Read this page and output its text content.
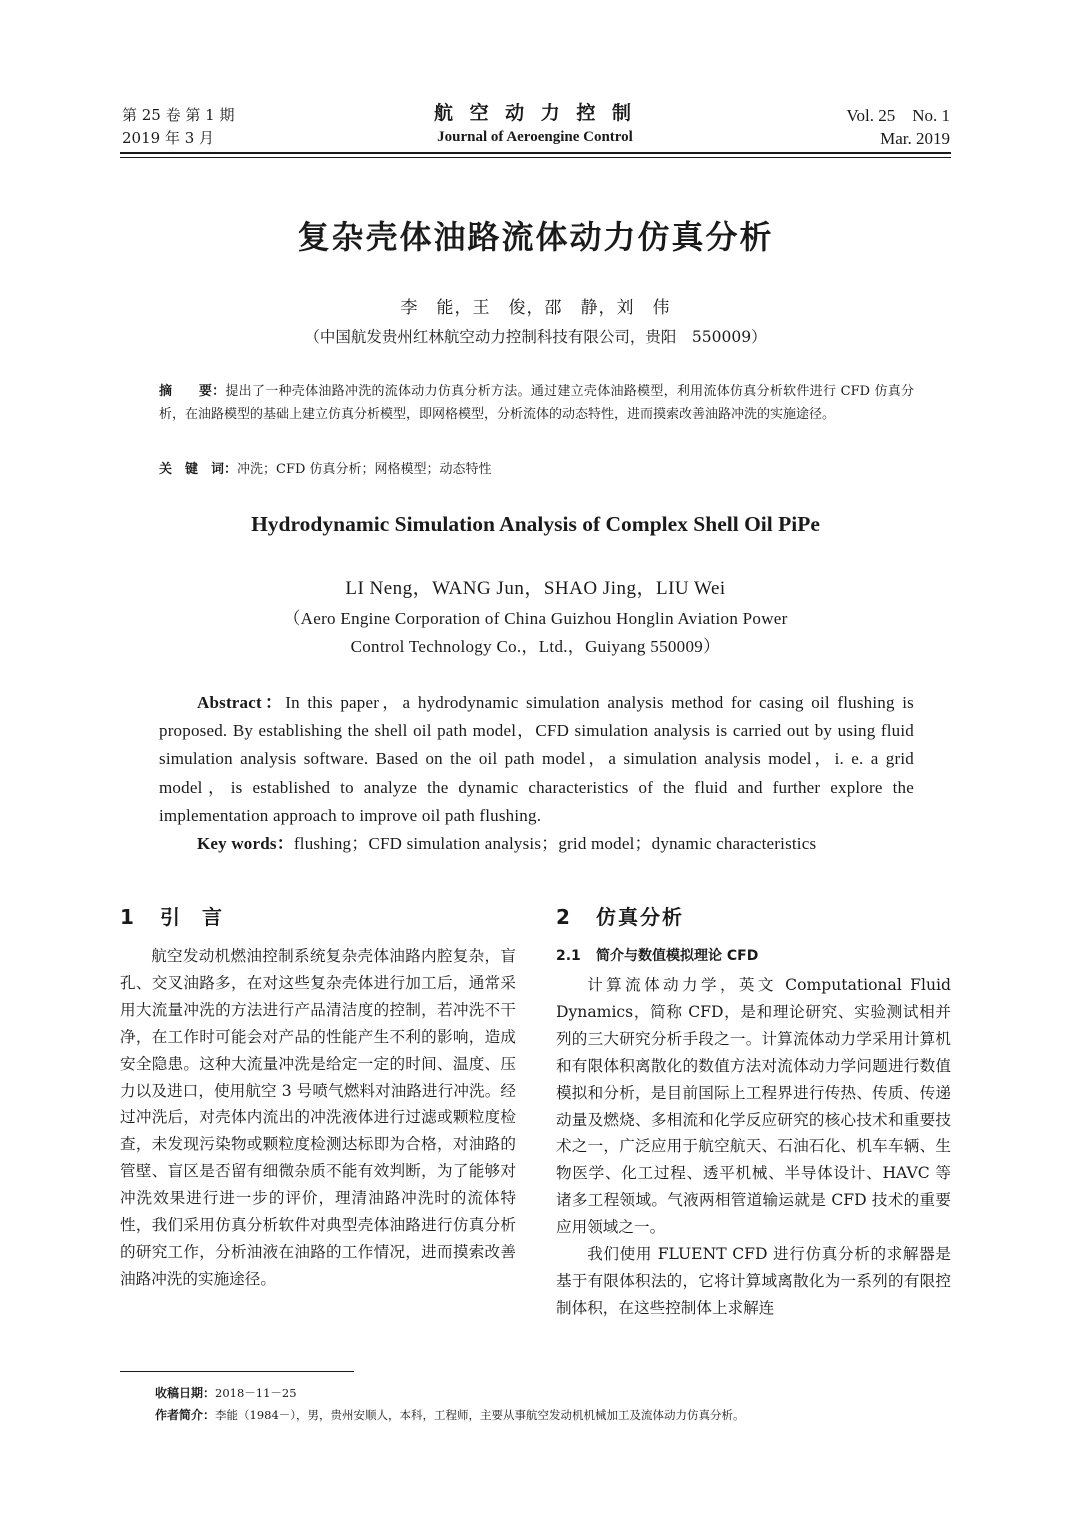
第 25 卷 第 1 期
2019 年 3 月
航 空 动 力 控 制
Journal of Aeroengine Control
Vol. 25    No. 1
Mar. 2019
复杂壳体油路流体动力仿真分析
李　能，王　俊，邵　静，刘　伟
（中国航发贵州红林航空动力控制科技有限公司，贵阳　550009）
摘　　要：提出了一种壳体油路冲洗的流体动力仿真分析方法。通过建立壳体油路模型，利用流体仿真分析软件进行 CFD 仿真分析，在油路模型的基础上建立仿真分析模型，即网格模型，分析流体的动态特性，进而摸索改善油路冲洗的实施途径。
关　键　词：冲洗；CFD 仿真分析；网格模型；动态特性
Hydrodynamic Simulation Analysis of Complex Shell Oil PiPe
LI Neng，WANG Jun，SHAO Jing，LIU Wei
（Aero Engine Corporation of China Guizhou Honglin Aviation Power
Control Technology Co.，Ltd.，Guiyang 550009）
Abstract：In this paper，a hydrodynamic simulation analysis method for casing oil flushing is proposed. By establishing the shell oil path model，CFD simulation analysis is carried out by using fluid simulation analysis software. Based on the oil path model，a simulation analysis model，i. e. a grid model，is established to analyze the dynamic characteristics of the fluid and further explore the implementation approach to improve oil path flushing.
Key words：flushing；CFD simulation analysis；grid model；dynamic characteristics
1 引言

航空发动机燃油控制系统复杂壳体油路内腔复杂，盲孔、交叉油路多，在对这些复杂壳体进行加工后，通常采用大流量冲洗的方法进行产品清洁度的控制，若冲洗不干净，在工作时可能会对产品的性能产生不利的影响，造成安全隐患。这种大流量冲洗是给定一定的时间、温度、压力以及进口，使用航空 3 号喷气燃料对油路进行冲洗。经过冲洗后，对壳体内流出的冲洗液体进行过滤或颗粒度检查，未发现污染物或颗粒度检测达标即为合格，对油路的管壁、盲区是否留有细微杂质不能有效判断，为了能够对冲洗效果进行进一步的评价，理清油路冲洗时的流体特性，我们采用仿真分析软件对典型壳体油路进行仿真分析的研究工作，分析油液在油路的工作情况，进而摸索改善油路冲洗的实施途径。

2 仿真分析
2.1 简介与数值模拟理论 CFD

计算流体动力学，英文 Computational Fluid Dynamics，简称 CFD，是和理论研究、实验测试相并列的三大研究分析手段之一。计算流体动力学采用计算机和有限体积离散化的数值方法对流体动力学问题进行数值模拟和分析，是目前国际上工程界进行传热、传质、传递动量及燃烧、多相流和化学反应研究的核心技术和重要技术之一，广泛应用于航空航天、石油石化、机车车辆、生物医学、化工过程、透平机械、半导体设计、HAVC 等诸多工程领域。气液两相管道输运就是 CFD 技术的重要应用领域之一。

我们使用 FLUENT CFD 进行仿真分析的求解器是基于有限体积法的，它将计算域离散化为一系列的有限控制体积，在这些控制体上求解连

收稿日期：2018－11－25
作者简介：李能（1984－），男，贵州安顺人，本科，工程师，主要从事航空发动机机械加工及流体动力仿真分析。
